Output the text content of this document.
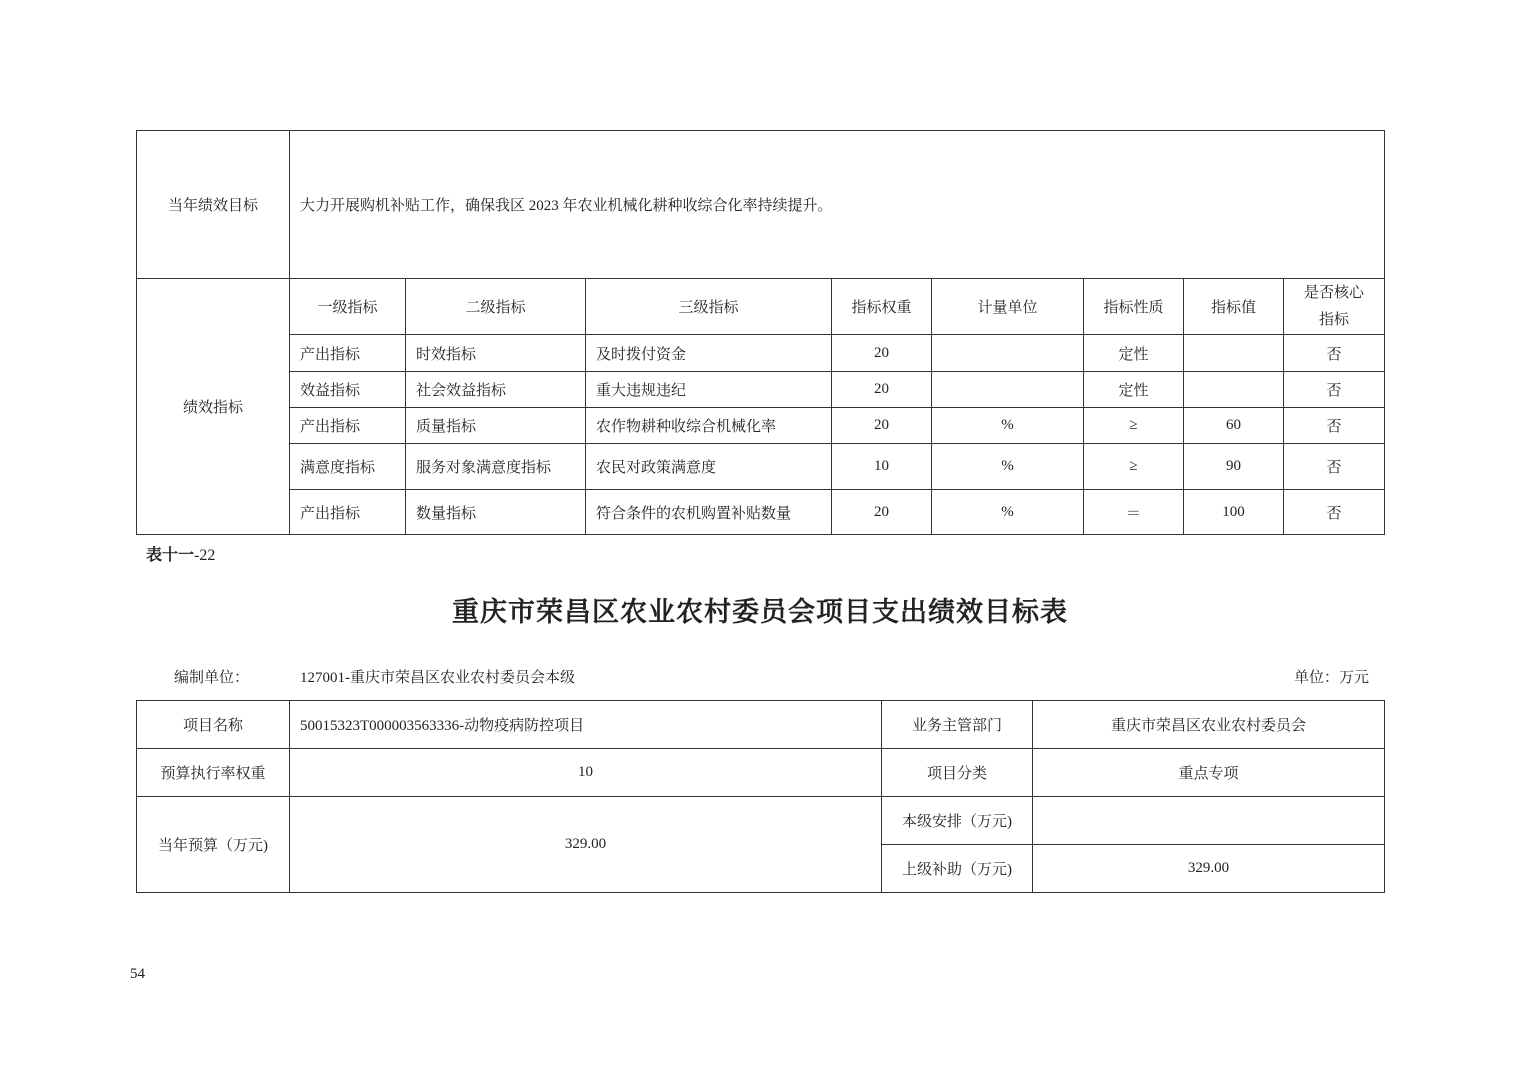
当年绩效目标	大力开展购机补贴工作，确保我区 2023 年农业机械化耕种收综合化率持续提升。							
绩效指标	一级指标	二级指标	三级指标	指标权重	计量单位	指标性质	指标值	是否核心
指标
	产出指标	时效指标	及时拨付资金	20		定性		否
	效益指标	社会效益指标	重大违规违纪	20		定性		否
	产出指标	质量指标	农作物耕种收综合机械化率	20	%	≥	60	否
	满意度指标	服务对象满意度指标	农民对政策满意度	10	%	≥	90	否
	产出指标	数量指标	符合条件的农机购置补贴数量	20	%	＝	100	否
表十一-22
重庆市荣昌区农业农村委员会项目支出绩效目标表
编制单位：	127001-重庆市荣昌区农业农村委员会本级	单位：万元
项目名称	50015323T000003563336-动物疫病防控项目	业务主管部门	重庆市荣昌区农业农村委员会
预算执行率权重	10	项目分类	重点专项
当年预算（万元)	329.00	本级安排（万元)	
		上级补助（万元)	329.00
54
